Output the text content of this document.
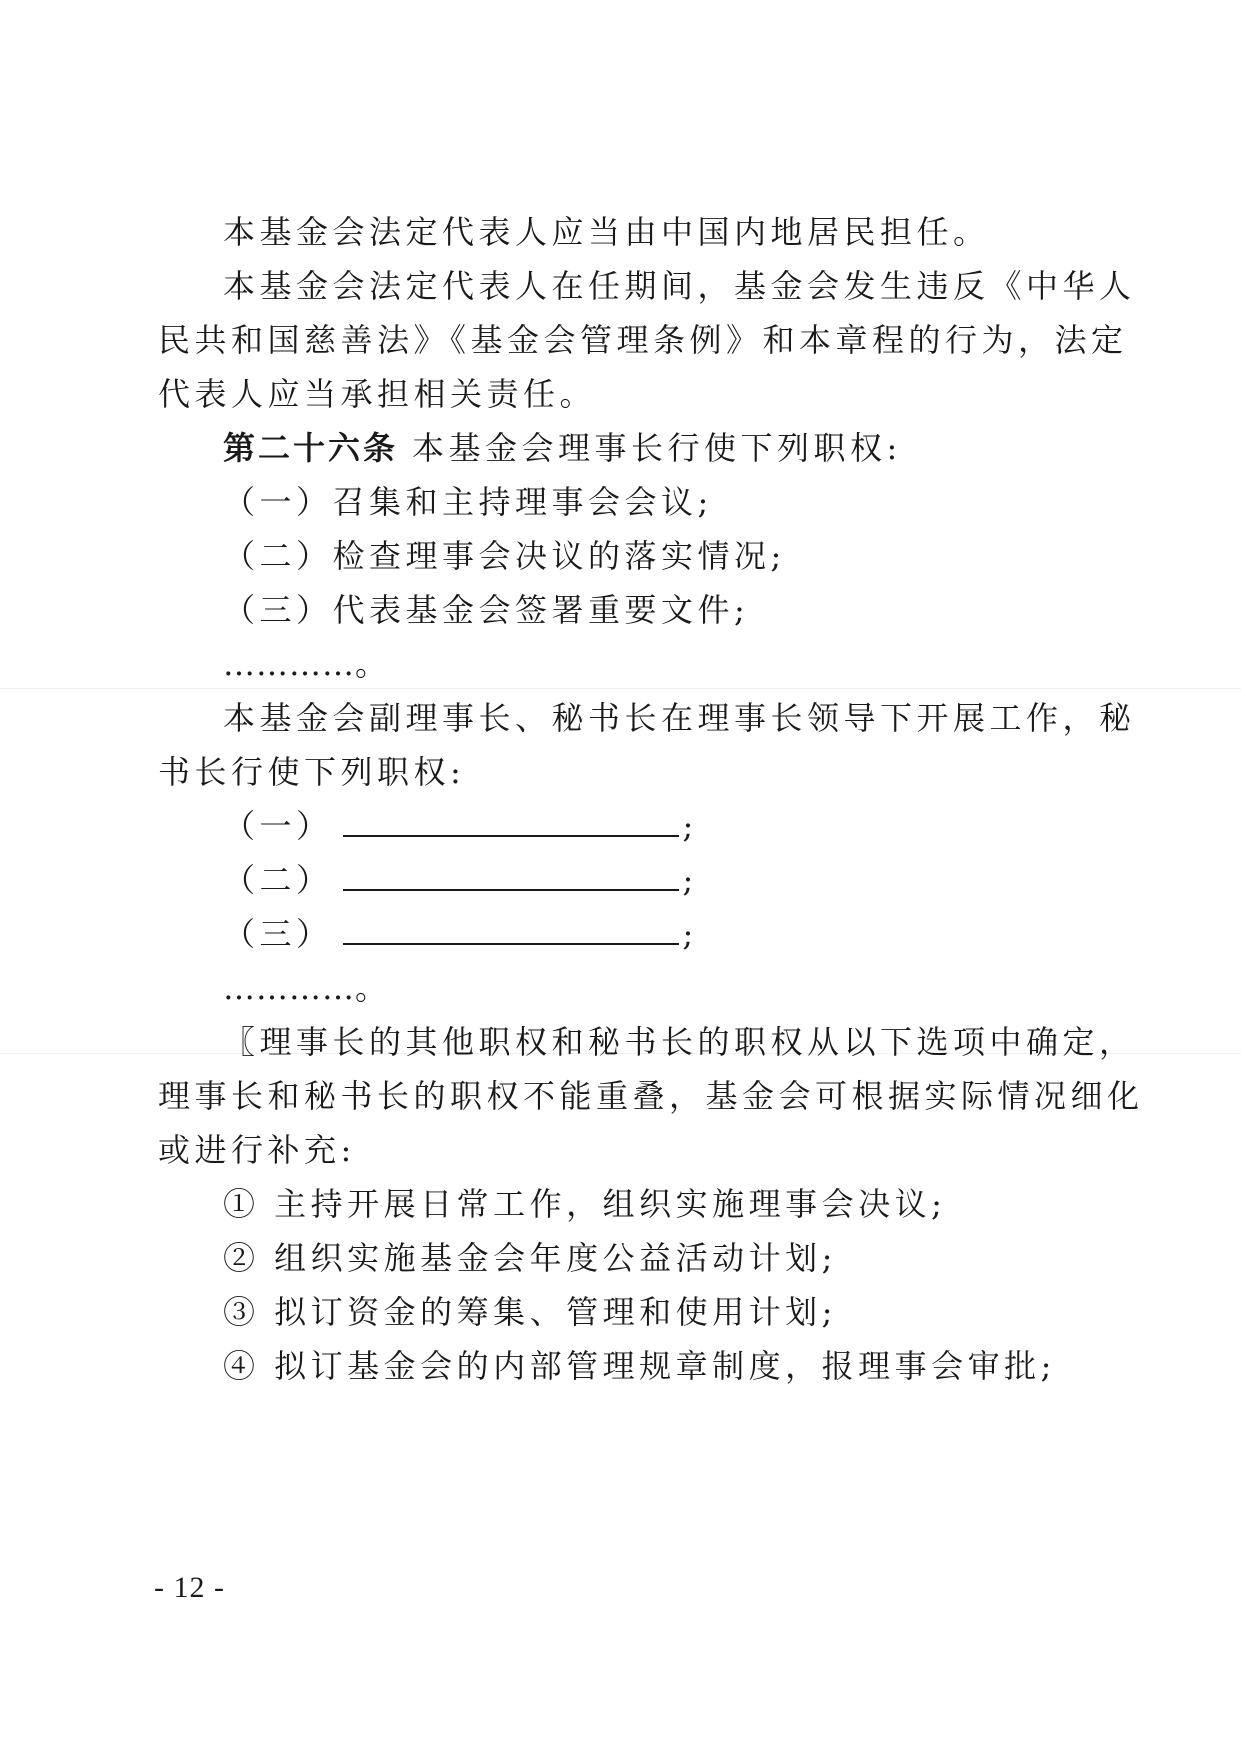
本基金会法定代表人应当由中国内地居民担任。
本基金会法定代表人在任期间，基金会发生违反《中华人
民共和国慈善法》《基金会管理条例》和本章程的行为，法定
代表人应当承担相关责任。
第二十六条 本基金会理事长行使下列职权:
（一）召集和主持理事会会议;
（二）检查理事会决议的落实情况;
（三）代表基金会签署重要文件;
…………。
本基金会副理事长、秘书长在理事长领导下开展工作，秘
书长行使下列职权:
（一）	;
（二）	;
（三）	;
…………。
〖理事长的其他职权和秘书长的职权从以下选项中确定，
理事长和秘书长的职权不能重叠，基金会可根据实际情况细化
或进行补充:
① 主持开展日常工作，组织实施理事会决议;
② 组织实施基金会年度公益活动计划;
③ 拟订资金的筹集、管理和使用计划;
④ 拟订基金会的内部管理规章制度，报理事会审批;
- 12 -
